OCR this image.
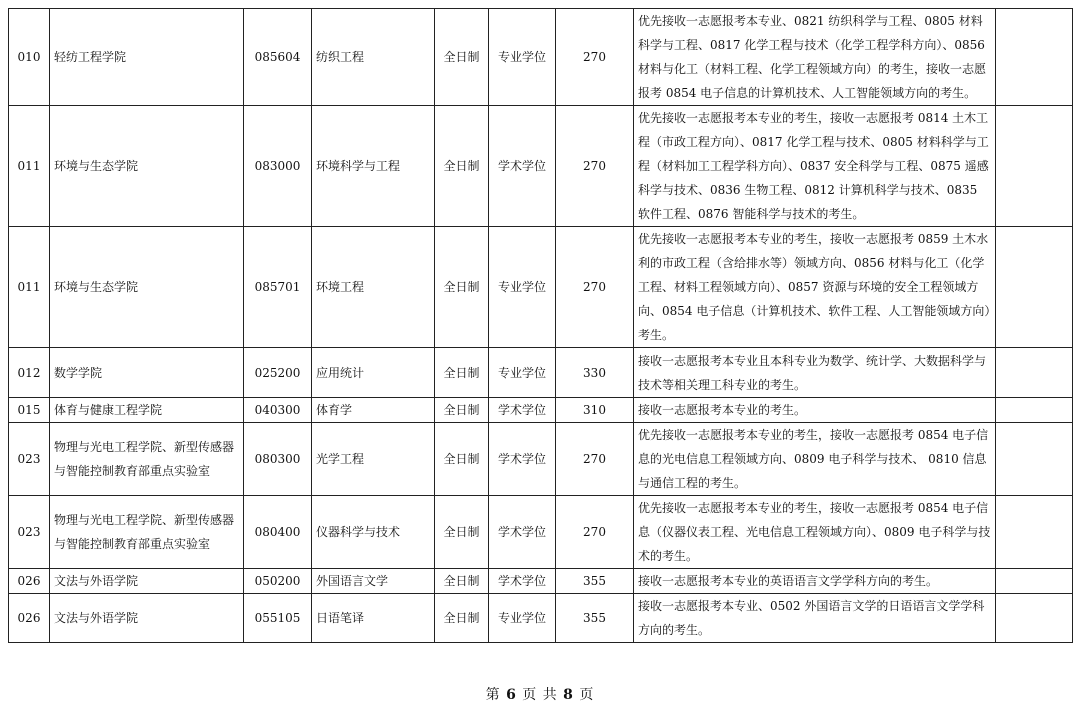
010	轻纺工程学院	085604	纺织工程	全日制	专业学位	270	优先接收一志愿报考本专业、0821 纺织科学与工程、0805 材料科学与工程、0817 化学工程与技术（化学工程学科方向）、0856 材料与化工（材料工程、化学工程领域方向）的考生，接收一志愿报考 0854 电子信息的计算机技术、人工智能领域方向的考生。	
011	环境与生态学院	083000	环境科学与工程	全日制	学术学位	270	优先接收一志愿报考本专业的考生，接收一志愿报考 0814 土木工程（市政工程方向）、0817 化学工程与技术、0805 材料科学与工程（材料加工工程学科方向）、0837 安全科学与工程、0875 遥感科学与技术、0836 生物工程、0812 计算机科学与技术、0835 软件工程、0876 智能科学与技术的考生。	
011	环境与生态学院	085701	环境工程	全日制	专业学位	270	优先接收一志愿报考本专业的考生，接收一志愿报考 0859 土木水利的市政工程（含给排水等）领域方向、0856 材料与化工（化学工程、材料工程领域方向）、0857 资源与环境的安全工程领域方向、0854 电子信息（计算机技术、软件工程、人工智能领域方向）考生。	
012	数学学院	025200	应用统计	全日制	专业学位	330	接收一志愿报考本专业且本科专业为数学、统计学、大数据科学与技术等相关理工科专业的考生。	
015	体育与健康工程学院	040300	体育学	全日制	学术学位	310	接收一志愿报考本专业的考生。	
023	物理与光电工程学院、新型传感器与智能控制教育部重点实验室	080300	光学工程	全日制	学术学位	270	优先接收一志愿报考本专业的考生，接收一志愿报考 0854 电子信息的光电信息工程领域方向、0809 电子科学与技术、 0810 信息与通信工程的考生。	
023	物理与光电工程学院、新型传感器与智能控制教育部重点实验室	080400	仪器科学与技术	全日制	学术学位	270	优先接收一志愿报考本专业的考生，接收一志愿报考 0854 电子信息（仪器仪表工程、光电信息工程领域方向）、0809 电子科学与技术的考生。	
026	文法与外语学院	050200	外国语言文学	全日制	学术学位	355	接收一志愿报考本专业的英语语言文学学科方向的考生。	
026	文法与外语学院	055105	日语笔译	全日制	专业学位	355	接收一志愿报考本专业、0502 外国语言文学的日语语言文学学科方向的考生。	
第 6 页 共 8 页
